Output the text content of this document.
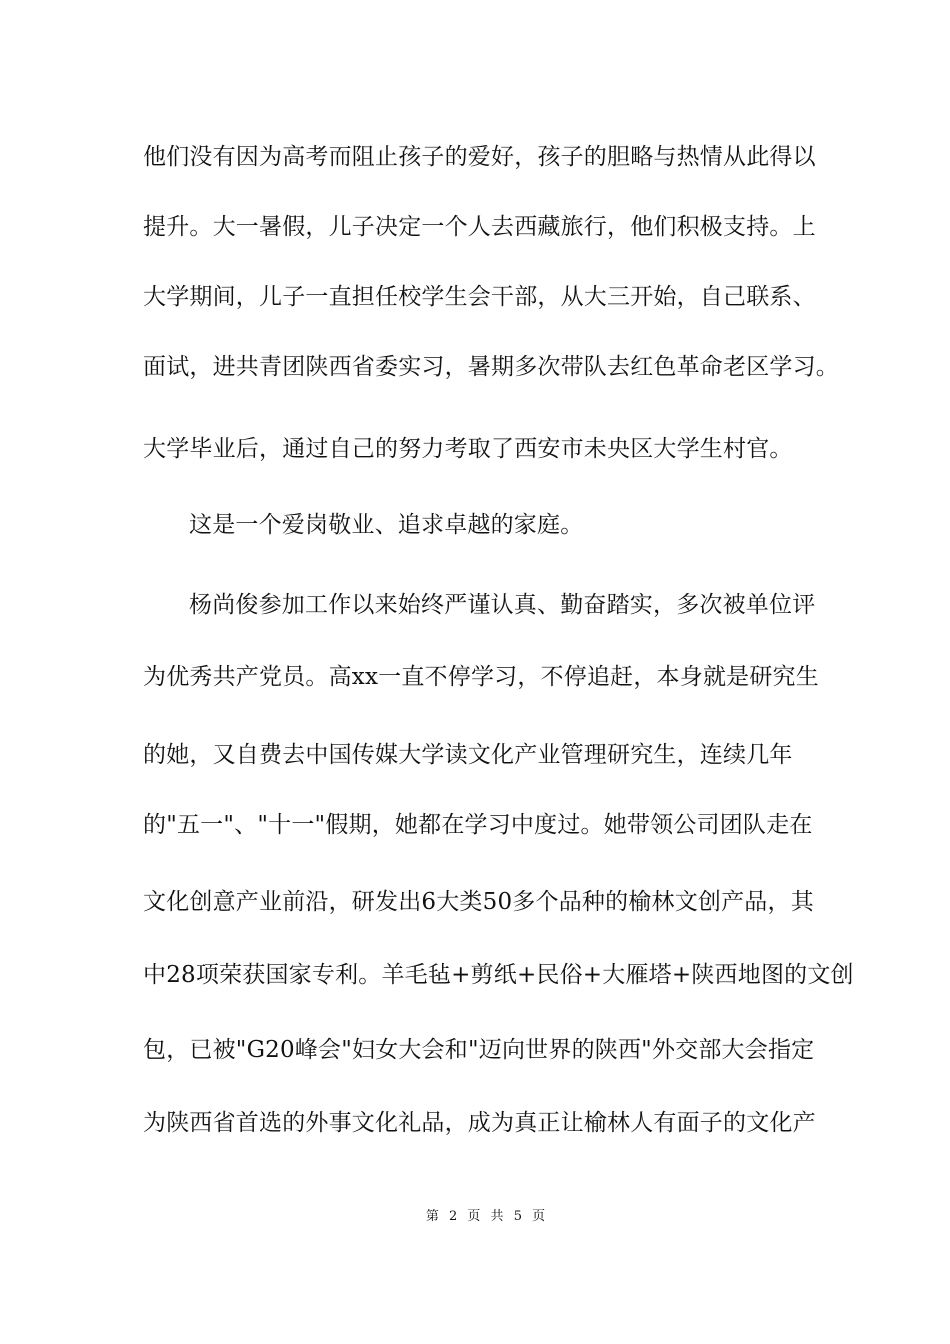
他们没有因为高考而阻止孩子的爱好，孩子的胆略与热情从此得以
提升。大一暑假，儿子决定一个人去西藏旅行，他们积极支持。上
大学期间，儿子一直担任校学生会干部，从大三开始，自己联系、
面试，进共青团陕西省委实习，暑期多次带队去红色革命老区学习。
大学毕业后，通过自己的努力考取了西安市未央区大学生村官。
这是一个爱岗敬业、追求卓越的家庭。
杨尚俊参加工作以来始终严谨认真、勤奋踏实，多次被单位评
为优秀共产党员。高xx一直不停学习，不停追赶，本身就是研究生
的她，又自费去中国传媒大学读文化产业管理研究生，连续几年
的"五一"、"十一"假期，她都在学习中度过。她带领公司团队走在
文化创意产业前沿，研发出6大类50多个品种的榆林文创产品，其
中28项荣获国家专利。羊毛毡+剪纸+民俗+大雁塔+陕西地图的文创
包，已被"G20峰会"妇女大会和"迈向世界的陕西"外交部大会指定
为陕西省首选的外事文化礼品，成为真正让榆林人有面子的文化产
第 2 页 共 5 页
